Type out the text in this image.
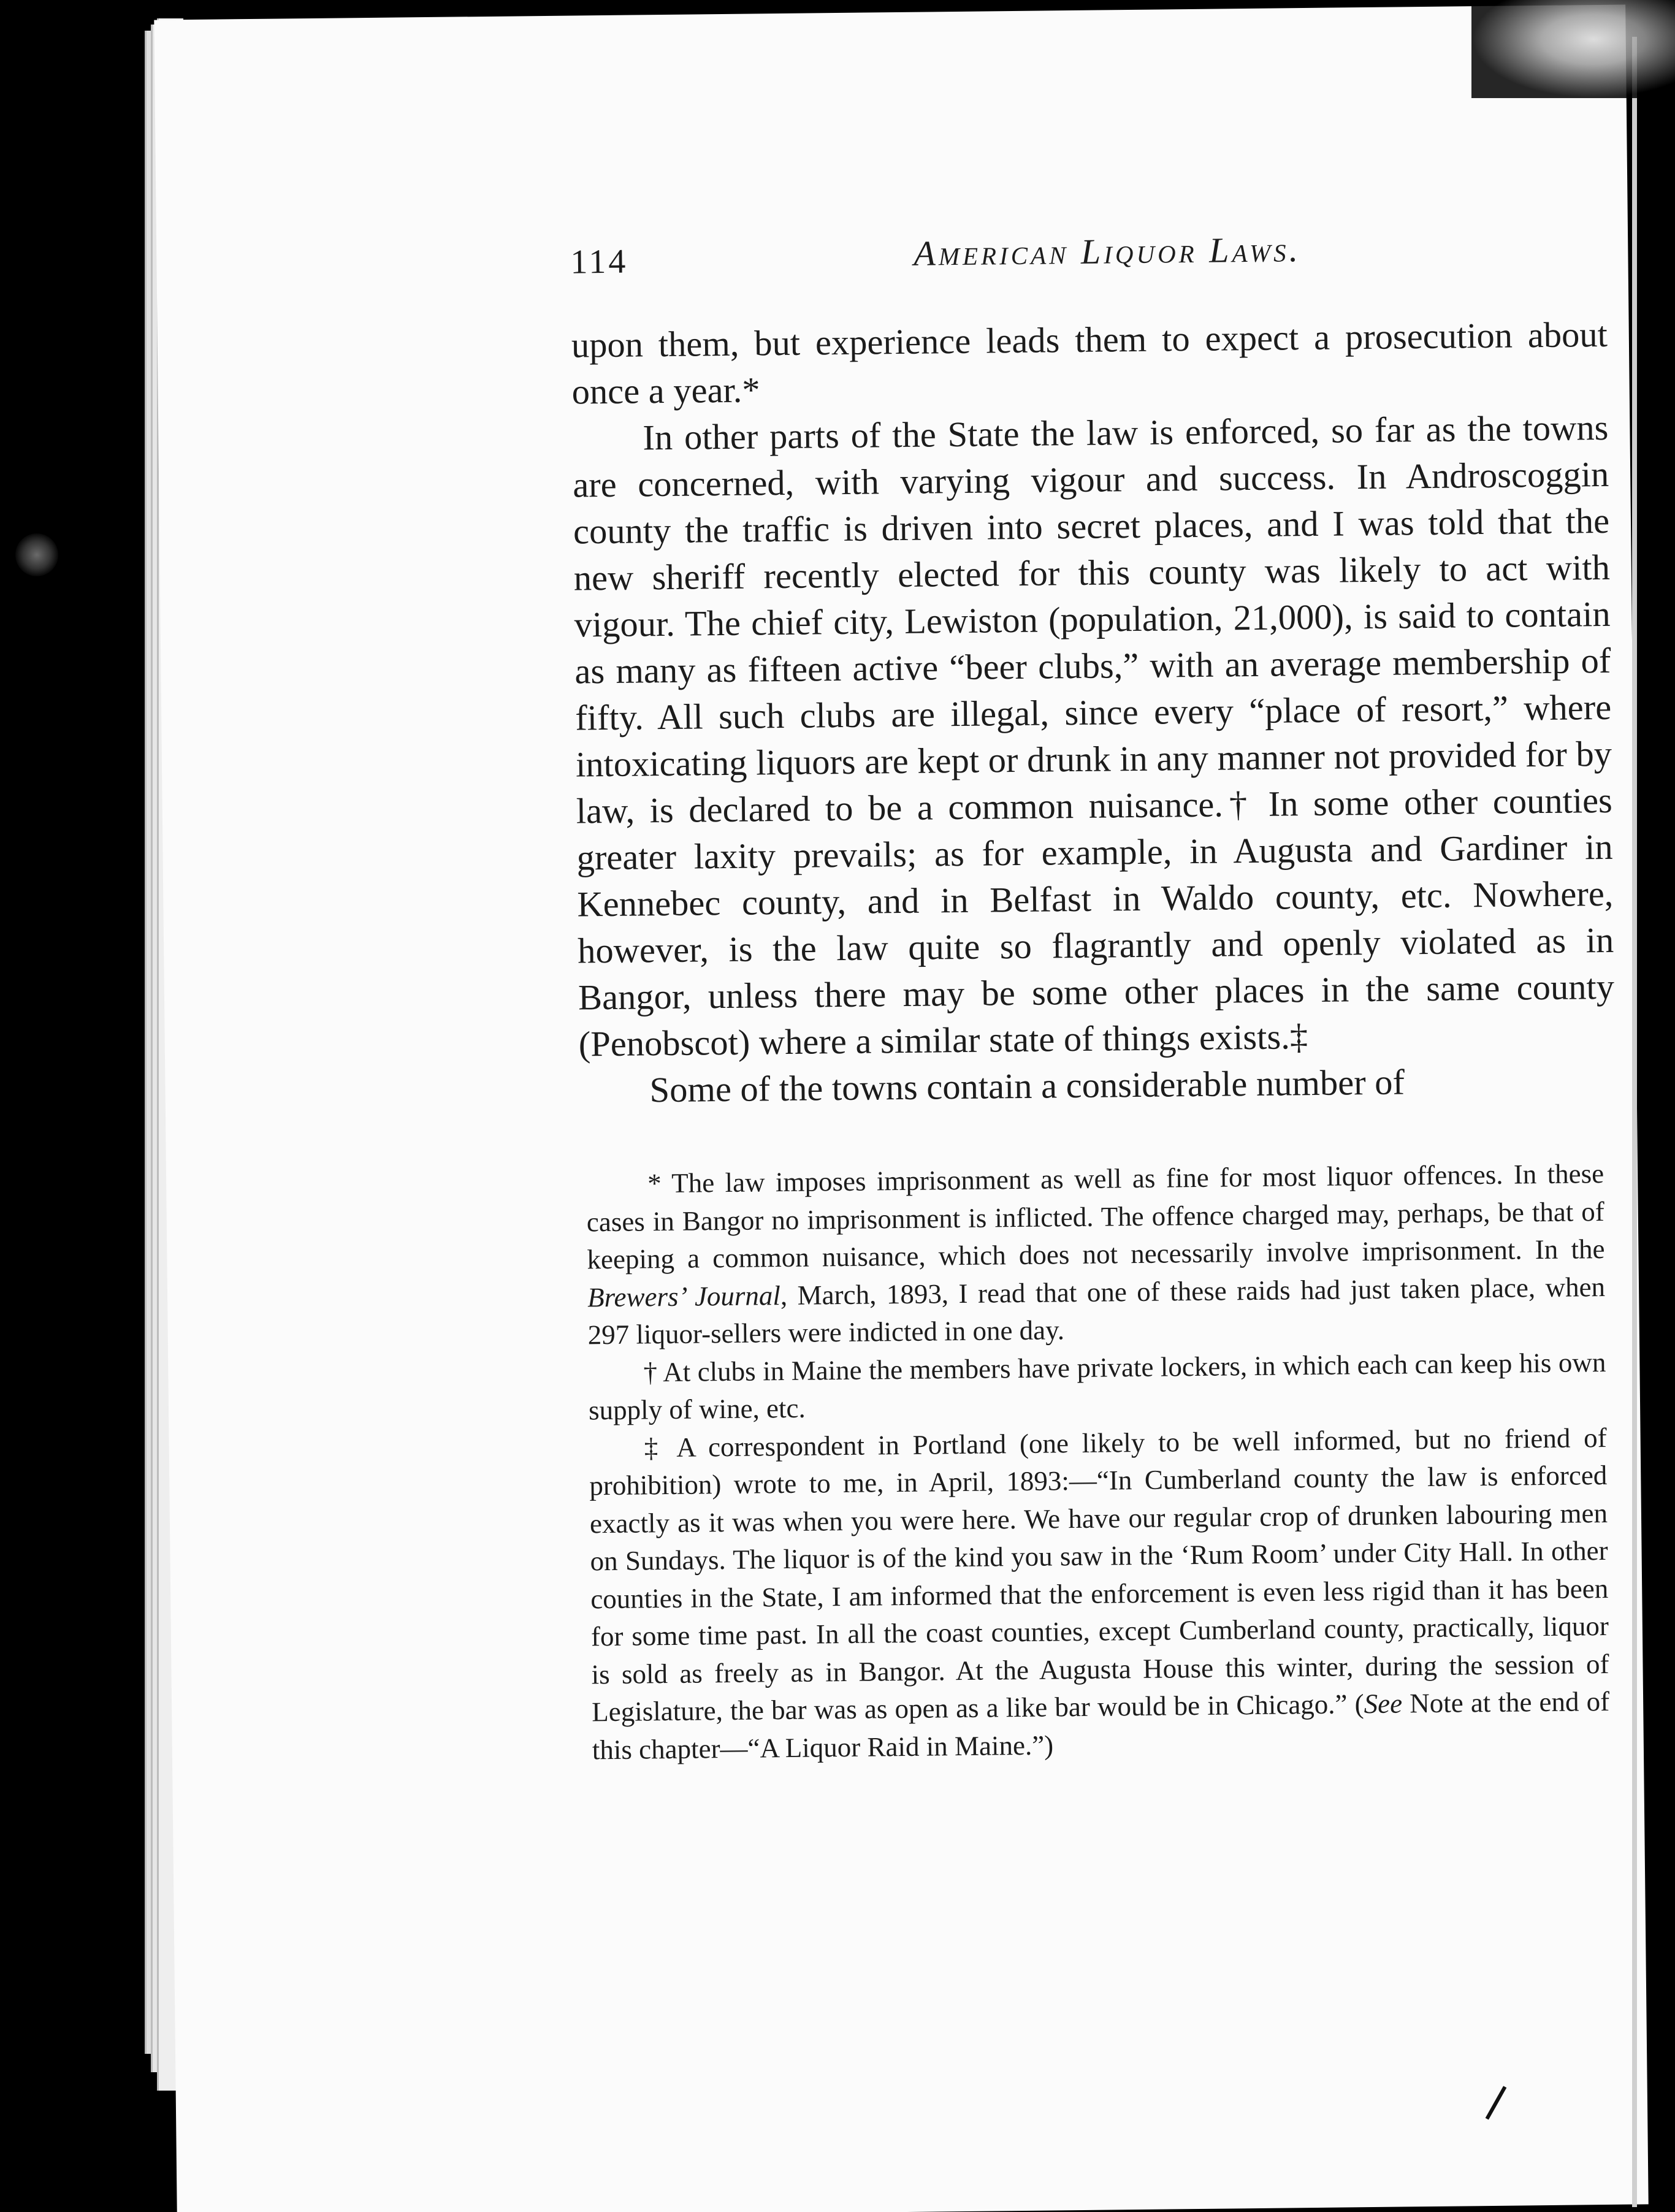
114	American Liquor Laws.

upon them, but experience leads them to expect a prosecution about once a year.*

In other parts of the State the law is enforced, so far as the towns are concerned, with varying vigour and success. In Androscoggin county the traffic is driven into secret places, and I was told that the new sheriff recently elected for this county was likely to act with vigour. The chief city, Lewiston (population, 21,000), is said to contain as many as fifteen active “beer clubs,” with an average membership of fifty. All such clubs are illegal, since every “place of resort,” where intoxicating liquors are kept or drunk in any manner not provided for by law, is declared to be a common nuisance.† In some other counties greater laxity prevails; as for example, in Augusta and Gardiner in Kennebec county, and in Belfast in Waldo county, etc. Nowhere, however, is the law quite so flagrantly and openly violated as in Bangor, unless there may be some other places in the same county (Penobscot) where a similar state of things exists.‡

Some of the towns contain a considerable number of

* The law imposes imprisonment as well as fine for most liquor offences. In these cases in Bangor no imprisonment is inflicted. The offence charged may, perhaps, be that of keeping a common nuisance, which does not necessarily involve imprisonment. In the Brewers’ Journal, March, 1893, I read that one of these raids had just taken place, when 297 liquor-sellers were indicted in one day.

† At clubs in Maine the members have private lockers, in which each can keep his own supply of wine, etc.

‡ A correspondent in Portland (one likely to be well informed, but no friend of prohibition) wrote to me, in April, 1893:—“In Cumberland county the law is enforced exactly as it was when you were here. We have our regular crop of drunken labouring men on Sundays. The liquor is of the kind you saw in the ‘Rum Room’ under City Hall. In other counties in the State, I am informed that the enforcement is even less rigid than it has been for some time past. In all the coast counties, except Cumberland county, practically, liquor is sold as freely as in Bangor. At the Augusta House this winter, during the session of Legislature, the bar was as open as a like bar would be in Chicago.” (See Note at the end of this chapter—“A Liquor Raid in Maine.”)
